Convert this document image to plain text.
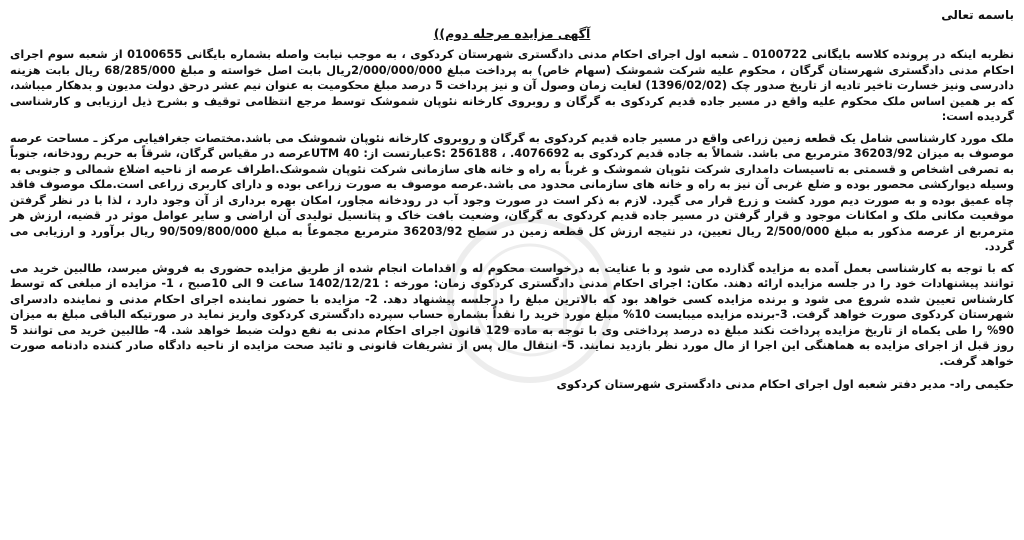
باسمه تعالی
آگهی مزایده مرحله دوم))

نظربه اینکه در پرونده کلاسه بایگانی 0100722 ـ شعبه اول اجرای احکام مدنی دادگستری شهرستان کردکوی ، به موجب نیابت واصله بشماره بایگانی 0100655 از شعبه سوم اجرای احکام مدنی دادگستری شهرستان گرگان ، محکوم علیه شرکت شموشک (سهام خاص) به پرداخت مبلغ 2/000/000/000ریال بابت اصل خواسته و مبلغ 68/285/000 ریال بابت هزینه دادرسی ونیز خسارت تاخیر تادیه از تاریخ صدور چک (1396/02/02) لغایت زمان وصول آن و نیز پرداخت 5 درصد مبلغ محکومیت به عنوان نیم عشر درحق دولت مدیون و بدهکار میباشد، که بر همین اساس ملک محکوم علیه واقع در مسیر جاده قدیم کردکوی به گرگان و روبروی کارخانه نئوپان شموشک توسط مرجع انتظامی توقیف و بشرح ذیل ارزیابی و کارشناسی گردیده است:

ملک مورد کارشناسی شامل یک قطعه زمین زراعی واقع در مسیر جاده قدیم کردکوی به گرگان و روبروی کارخانه نئوپان شموشک می باشد.مختصات جغرافیایی مرکز ـ مساحت عرصه موصوف به میزان 36203/92 مترمربع می باشد. شمالاً به جاده قدیم کردکوی به 4076692. ، 256188 :Sعبارتست از: UTM 40عرصه در مقیاس گرگان، شرقاً به حریم رودخانه، جنوباً به تصرفی اشخاص و قسمتی به تاسیسات دامداری شرکت نئوپان شموشک و غرباً به راه و خانه های سازمانی شرکت نئوپان شموشک.اطراف عرصه از ناحیه اضلاع شمالی و جنوبی به وسیله دیوارکشی محصور بوده و ضلع غربی آن نیز به راه و خانه های سازمانی محدود می باشد.عرصه موصوف به صورت زراعی بوده و دارای کاربری زراعی است.ملک موصوف فاقد چاه عمیق بوده و به صورت دیم مورد کشت و زرع قرار می گیرد. لازم به ذکر است در صورت وجود آب در رودخانه مجاور، امکان بهره برداری از آن وجود دارد ، لذا با در نظر گرفتن موقعیت مکانی ملک و امکانات موجود و قرار گرفتن در مسیر جاده قدیم کردکوی به گرگان، وضعیت بافت خاک و پتانسیل تولیدی آن اراضی و سایر عوامل موثر در قضیه، ارزش هر مترمربع از عرصه مذکور به مبلغ 2/500/000 ریال تعیین، در نتیجه ارزش کل قطعه زمین در سطح 36203/92 مترمربع مجموعاً به مبلغ 90/509/800/000 ریال برآورد و ارزیابی می گردد.

که با توجه به کارشناسی بعمل آمده به مزایده گذارده می شود و با عنایت به درخواست محکوم له و اقدامات انجام شده از طریق مزایده حضوری به فروش میرسد، طالبین خرید می توانند پیشنهادات خود را در جلسه مزایده ارائه دهند. مکان: اجرای احکام مدنی دادگستری کردکوی زمان: مورخه : 1402/12/21 ساعت 9 الی 10صبح ، 1- مزایده از مبلغی که توسط کارشناس تعیین شده شروع می شود و برنده مزایده کسی خواهد بود که بالاترین مبلغ را درجلسه پیشنهاد دهد. 2- مزایده با حضور نماینده اجرای احکام مدنی و نماینده دادسرای شهرستان کردکوی صورت خواهد گرفت. 3-برنده مزایده میبایست 10% مبلغ مورد خرید را نقداً بشماره حساب سپرده دادگستری کردکوی واریز نماید در صورتیکه الباقی مبلغ به میزان 90% را طی یکماه از تاریخ مزایده پرداخت نکند مبلغ ده درصد پرداختی وی با توجه به ماده 129 قانون اجرای احکام مدنی به نفع دولت ضبط خواهد شد. 4- طالبین خرید می توانند 5 روز قبل از اجرای مزایده به هماهنگی این اجرا از مال مورد نظر بازدید نمایند. 5- انتقال مال پس از تشریفات قانونی و تائید صحت مزایده از ناحیه دادگاه صادر کننده دادنامه صورت خواهد گرفت.

حکیمی راد- مدیر دفتر شعبه اول اجرای احکام مدنی دادگستری شهرستان کردکوی
